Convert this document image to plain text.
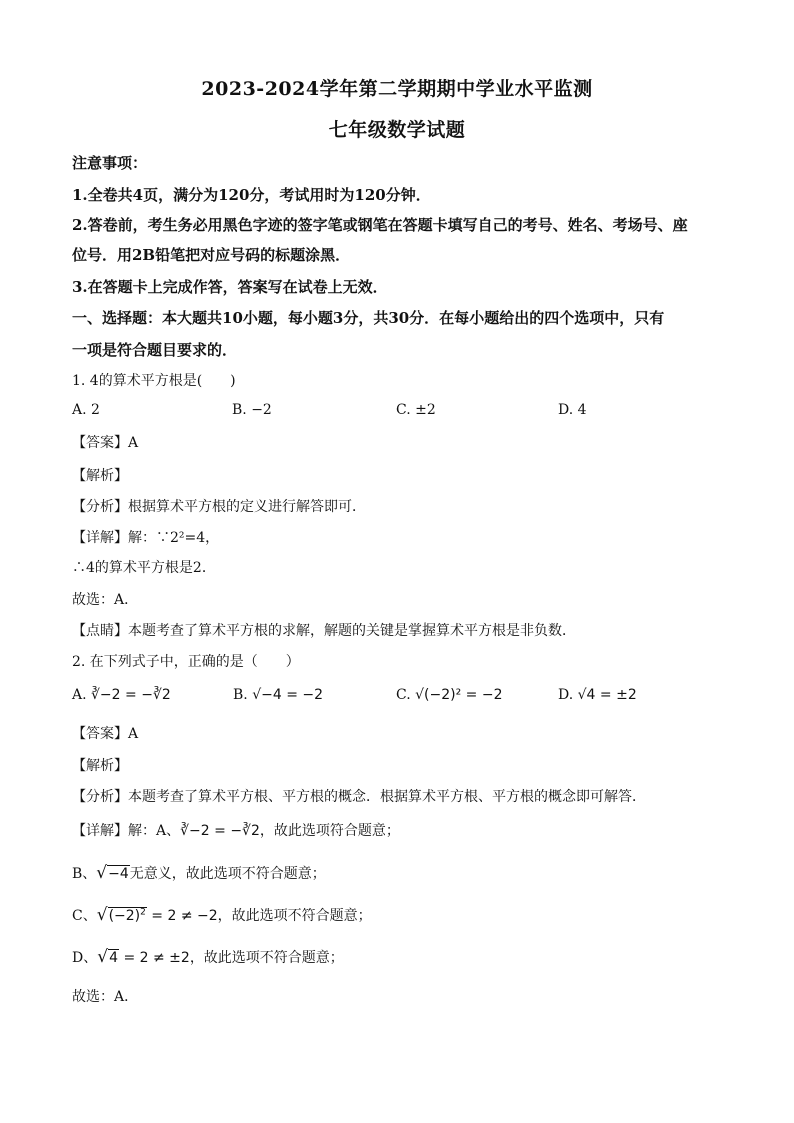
2023-2024学年第二学期期中学业水平监测
七年级数学试题
注意事项：
1.全卷共4页，满分为120分，考试用时为120分钟．
2.答卷前，考生务必用黑色字迹的签字笔或钢笔在答题卡填写自己的考号、姓名、考场号、座
位号．用2B铅笔把对应号码的标题涂黑．
3.在答题卡上完成作答，答案写在试卷上无效．
一、选择题：本大题共10小题，每小题3分，共30分．在每小题给出的四个选项中，只有
一项是符合题目要求的．
1. 4的算术平方根是(　　)
A. 2	B. −2	C. ±2	D. 4
【答案】A
【解析】
【分析】根据算术平方根的定义进行解答即可．
【详解】解：∵2²=4，
∴4的算术平方根是2．
故选：A．
【点睛】本题考查了算术平方根的求解，解题的关键是掌握算术平方根是非负数．
2. 在下列式子中，正确的是（　　）
A. ∛−2 = −∛2	B. √−4 = −2	C. √(−2)² = −2	D. √4 = ±2
【答案】A
【解析】
【分析】本题考查了算术平方根、平方根的概念．根据算术平方根、平方根的概念即可解答．
【详解】解：A、∛−2 = −∛2，故此选项符合题意；
B、√−4无意义，故此选项不符合题意；
C、$√(-2)^2 = 2 \ne -2$，故此选项不符合题意；
D、√4 = 2 ≠ ±2，故此选项不符合题意；
故选：A．
